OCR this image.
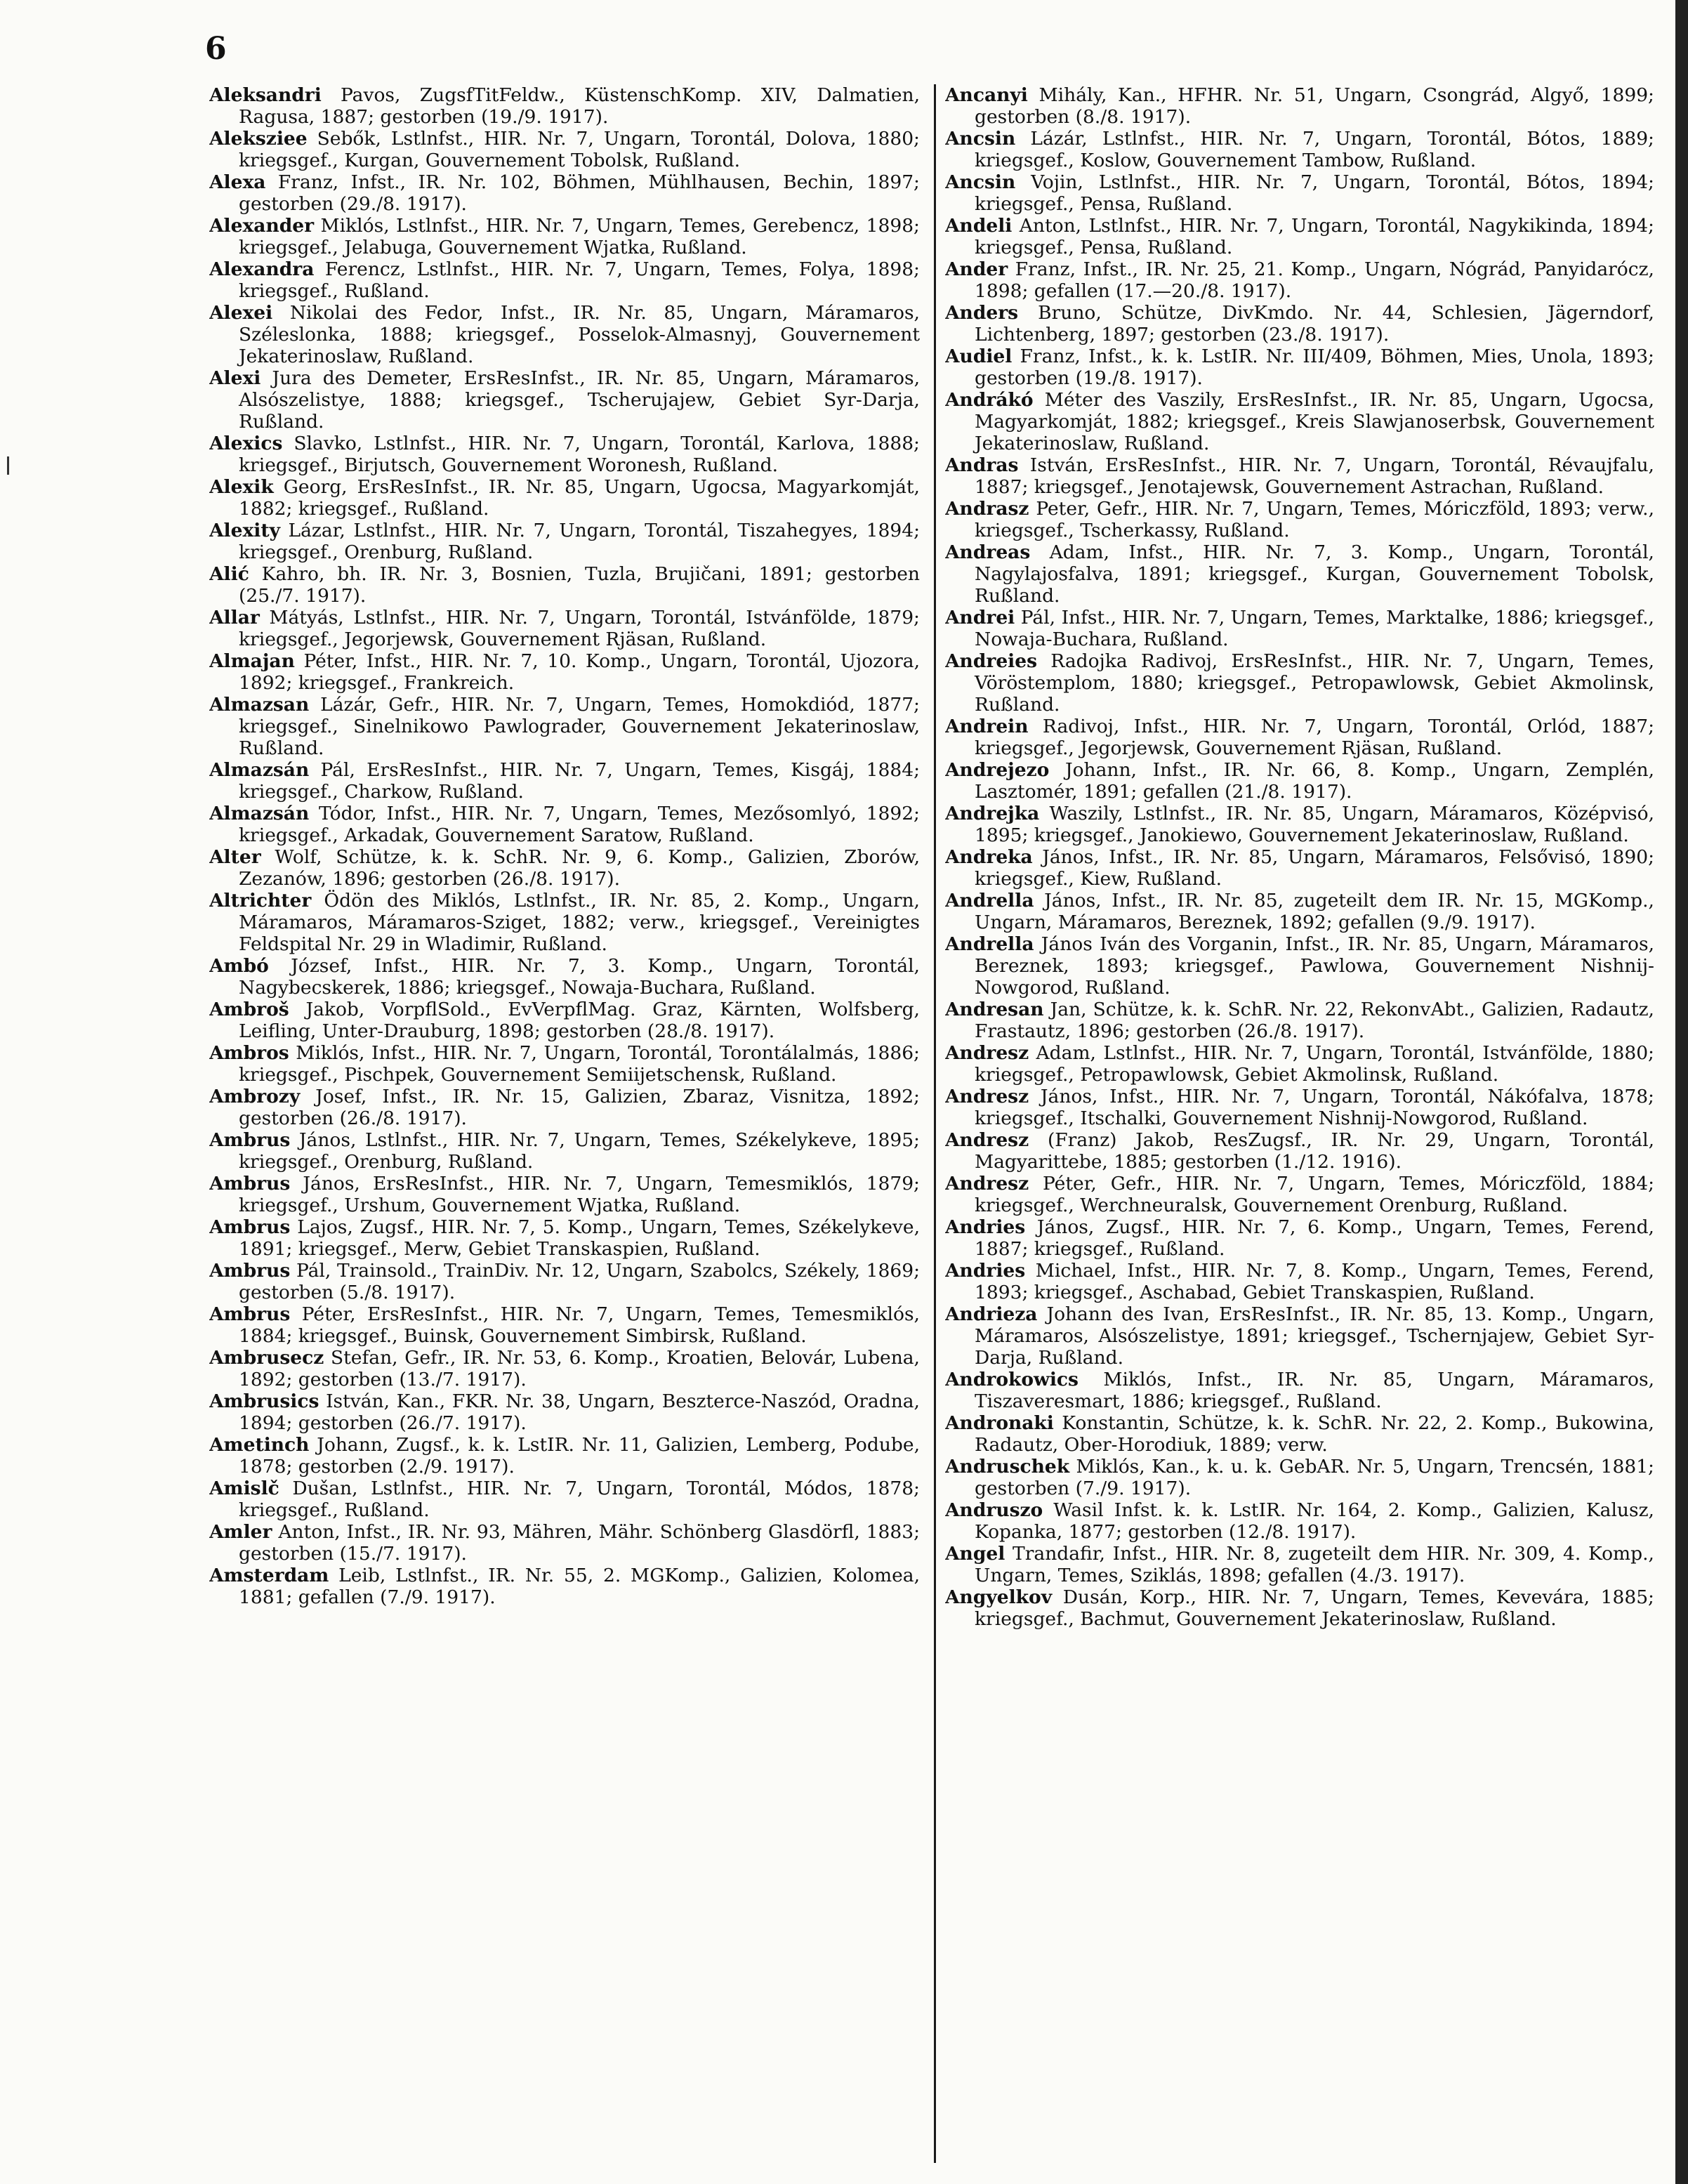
6

Aleksandri Pavos, ZugsfTitFeldw., KüstenschKomp. XIV, Dalmatien, Ragusa, 1887; gestorben (19./9. 1917).

Aleksziee Sebők, Lstlnfst., HIR. Nr. 7, Ungarn, Torontál, Dolova, 1880; kriegsgef., Kurgan, Gouvernement Tobolsk, Rußland.

Alexa Franz, Infst., IR. Nr. 102, Böhmen, Mühlhausen, Bechin, 1897; gestorben (29./8. 1917).

Alexander Miklós, Lstlnfst., HIR. Nr. 7, Ungarn, Temes, Gerebencz, 1898; kriegsgef., Jelabuga, Gouvernement Wjatka, Rußland.

Alexandra Ferencz, Lstlnfst., HIR. Nr. 7, Ungarn, Temes, Folya, 1898; kriegsgef., Rußland.

Alexei Nikolai des Fedor, Infst., IR. Nr. 85, Ungarn, Máramaros, Széleslonka, 1888; kriegsgef., Posselok-Almasnyj, Gouvernement Jekaterinoslaw, Rußland.

Alexi Jura des Demeter, ErsResInfst., IR. Nr. 85, Ungarn, Máramaros, Alsószelistye, 1888; kriegsgef., Tscherujajew, Gebiet Syr-Darja, Rußland.

Alexics Slavko, Lstlnfst., HIR. Nr. 7, Ungarn, Torontál, Karlova, 1888; kriegsgef., Birjutsch, Gouvernement Woronesh, Rußland.

Alexik Georg, ErsResInfst., IR. Nr. 85, Ungarn, Ugocsa, Magyarkomját, 1882; kriegsgef., Rußland.

Alexity Lázar, Lstlnfst., HIR. Nr. 7, Ungarn, Torontál, Tiszahegyes, 1894; kriegsgef., Orenburg, Rußland.

Alić Kahro, bh. IR. Nr. 3, Bosnien, Tuzla, Brujičani, 1891; gestorben (25./7. 1917).

Allar Mátyás, Lstlnfst., HIR. Nr. 7, Ungarn, Torontál, Istvánfölde, 1879; kriegsgef., Jegorjewsk, Gouvernement Rjäsan, Rußland.

Almajan Péter, Infst., HIR. Nr. 7, 10. Komp., Ungarn, Torontál, Ujozora, 1892; kriegsgef., Frankreich.

Almazsan Lázár, Gefr., HIR. Nr. 7, Ungarn, Temes, Homokdiód, 1877; kriegsgef., Sinelnikowo Pawlograder, Gouvernement Jekaterinoslaw, Rußland.

Almazsán Pál, ErsResInfst., HIR. Nr. 7, Ungarn, Temes, Kisgáj, 1884; kriegsgef., Charkow, Rußland.

Almazsán Tódor, Infst., HIR. Nr. 7, Ungarn, Temes, Mezősomlyó, 1892; kriegsgef., Arkadak, Gouvernement Saratow, Rußland.

Alter Wolf, Schütze, k. k. SchR. Nr. 9, 6. Komp., Galizien, Zborów, Zezanów, 1896; gestorben (26./8. 1917).

Altrichter Ödön des Miklós, Lstlnfst., IR. Nr. 85, 2. Komp., Ungarn, Máramaros, Máramaros-Sziget, 1882; verw., kriegsgef., Vereinigtes Feldspital Nr. 29 in Wladimir, Rußland.

Ambó József, Infst., HIR. Nr. 7, 3. Komp., Ungarn, Torontál, Nagybecskerek, 1886; kriegsgef., Nowaja-Buchara, Rußland.

Ambroš Jakob, VorpflSold., EvVerpflMag. Graz, Kärnten, Wolfsberg, Leifling, Unter-Drauburg, 1898; gestorben (28./8. 1917).

Ambros Miklós, Infst., HIR. Nr. 7, Ungarn, Torontál, Torontálalmás, 1886; kriegsgef., Pischpek, Gouvernement Semiijetschensk, Rußland.

Ambrozy Josef, Infst., IR. Nr. 15, Galizien, Zbaraz, Visnitza, 1892; gestorben (26./8. 1917).

Ambrus János, Lstlnfst., HIR. Nr. 7, Ungarn, Temes, Székelykeve, 1895; kriegsgef., Orenburg, Rußland.

Ambrus János, ErsResInfst., HIR. Nr. 7, Ungarn, Temesmiklós, 1879; kriegsgef., Urshum, Gouvernement Wjatka, Rußland.

Ambrus Lajos, Zugsf., HIR. Nr. 7, 5. Komp., Ungarn, Temes, Székelykeve, 1891; kriegsgef., Merw, Gebiet Transkaspien, Rußland.

Ambrus Pál, Trainsold., TrainDiv. Nr. 12, Ungarn, Szabolcs, Székely, 1869; gestorben (5./8. 1917).

Ambrus Péter, ErsResInfst., HIR. Nr. 7, Ungarn, Temes, Temesmiklós, 1884; kriegsgef., Buinsk, Gouvernement Simbirsk, Rußland.

Ambrusecz Stefan, Gefr., IR. Nr. 53, 6. Komp., Kroatien, Belovár, Lubena, 1892; gestorben (13./7. 1917).

Ambrusics István, Kan., FKR. Nr. 38, Ungarn, Beszterce-Naszód, Oradna, 1894; gestorben (26./7. 1917).

Ametinch Johann, Zugsf., k. k. LstIR. Nr. 11, Galizien, Lemberg, Podube, 1878; gestorben (2./9. 1917).

Amislč Dušan, Lstlnfst., HIR. Nr. 7, Ungarn, Torontál, Módos, 1878; kriegsgef., Rußland.

Amler Anton, Infst., IR. Nr. 93, Mähren, Mähr. Schönberg Glasdörfl, 1883; gestorben (15./7. 1917).

Amsterdam Leib, Lstlnfst., IR. Nr. 55, 2. MGKomp., Galizien, Kolomea, 1881; gefallen (7./9. 1917).

Ancanyi Mihály, Kan., HFHR. Nr. 51, Ungarn, Csongrád, Algyő, 1899; gestorben (8./8. 1917).

Ancsin Lázár, Lstlnfst., HIR. Nr. 7, Ungarn, Torontál, Bótos, 1889; kriegsgef., Koslow, Gouvernement Tambow, Rußland.

Ancsin Vojin, Lstlnfst., HIR. Nr. 7, Ungarn, Torontál, Bótos, 1894; kriegsgef., Pensa, Rußland.

Andeli Anton, Lstlnfst., HIR. Nr. 7, Ungarn, Torontál, Nagykikinda, 1894; kriegsgef., Pensa, Rußland.

Ander Franz, Infst., IR. Nr. 25, 21. Komp., Ungarn, Nógrád, Panyidarócz, 1898; gefallen (17.—20./8. 1917).

Anders Bruno, Schütze, DivKmdo. Nr. 44, Schlesien, Jägerndorf, Lichtenberg, 1897; gestorben (23./8. 1917).

Audiel Franz, Infst., k. k. LstIR. Nr. III/409, Böhmen, Mies, Unola, 1893; gestorben (19./8. 1917).

Andrákó Méter des Vaszily, ErsResInfst., IR. Nr. 85, Ungarn, Ugocsa, Magyarkomját, 1882; kriegsgef., Kreis Slawjanoserbsk, Gouvernement Jekaterinoslaw, Rußland.

Andras István, ErsResInfst., HIR. Nr. 7, Ungarn, Torontál, Révaujfalu, 1887; kriegsgef., Jenotajewsk, Gouvernement Astrachan, Rußland.

Andrasz Peter, Gefr., HIR. Nr. 7, Ungarn, Temes, Móriczföld, 1893; verw., kriegsgef., Tscherkassy, Rußland.

Andreas Adam, Infst., HIR. Nr. 7, 3. Komp., Ungarn, Torontál, Nagylajosfalva, 1891; kriegsgef., Kurgan, Gouvernement Tobolsk, Rußland.

Andrei Pál, Infst., HIR. Nr. 7, Ungarn, Temes, Marktalke, 1886; kriegsgef., Nowaja-Buchara, Rußland.

Andreies Radojka Radivoj, ErsResInfst., HIR. Nr. 7, Ungarn, Temes, Vöröstemplom, 1880; kriegsgef., Petropawlowsk, Gebiet Akmolinsk, Rußland.

Andrein Radivoj, Infst., HIR. Nr. 7, Ungarn, Torontál, Orlód, 1887; kriegsgef., Jegorjewsk, Gouvernement Rjäsan, Rußland.

Andrejezo Johann, Infst., IR. Nr. 66, 8. Komp., Ungarn, Zemplén, Lasztomér, 1891; gefallen (21./8. 1917).

Andrejka Waszily, Lstlnfst., IR. Nr. 85, Ungarn, Máramaros, Középvisó, 1895; kriegsgef., Janokiewo, Gouvernement Jekaterinoslaw, Rußland.

Andreka János, Infst., IR. Nr. 85, Ungarn, Máramaros, Felsővisó, 1890; kriegsgef., Kiew, Rußland.

Andrella János, Infst., IR. Nr. 85, zugeteilt dem IR. Nr. 15, MGKomp., Ungarn, Máramaros, Bereznek, 1892; gefallen (9./9. 1917).

Andrella János Iván des Vorganin, Infst., IR. Nr. 85, Ungarn, Máramaros, Bereznek, 1893; kriegsgef., Pawlowa, Gouvernement Nishnij-Nowgorod, Rußland.

Andresan Jan, Schütze, k. k. SchR. Nr. 22, RekonvAbt., Galizien, Radautz, Frastautz, 1896; gestorben (26./8. 1917).

Andresz Adam, Lstlnfst., HIR. Nr. 7, Ungarn, Torontál, Istvánfölde, 1880; kriegsgef., Petropawlowsk, Gebiet Akmolinsk, Rußland.

Andresz János, Infst., HIR. Nr. 7, Ungarn, Torontál, Nákófalva, 1878; kriegsgef., Itschalki, Gouvernement Nishnij-Nowgorod, Rußland.

Andresz (Franz) Jakob, ResZugsf., IR. Nr. 29, Ungarn, Torontál, Magyarittebe, 1885; gestorben (1./12. 1916).

Andresz Péter, Gefr., HIR. Nr. 7, Ungarn, Temes, Móriczföld, 1884; kriegsgef., Werchneuralsk, Gouvernement Orenburg, Rußland.

Andries János, Zugsf., HIR. Nr. 7, 6. Komp., Ungarn, Temes, Ferend, 1887; kriegsgef., Rußland.

Andries Michael, Infst., HIR. Nr. 7, 8. Komp., Ungarn, Temes, Ferend, 1893; kriegsgef., Aschabad, Gebiet Transkaspien, Rußland.

Andrieza Johann des Ivan, ErsResInfst., IR. Nr. 85, 13. Komp., Ungarn, Máramaros, Alsószelistye, 1891; kriegsgef., Tschernjajew, Gebiet Syr-Darja, Rußland.

Androkowics Miklós, Infst., IR. Nr. 85, Ungarn, Máramaros, Tiszaveresmart, 1886; kriegsgef., Rußland.

Andronaki Konstantin, Schütze, k. k. SchR. Nr. 22, 2. Komp., Bukowina, Radautz, Ober-Horodiuk, 1889; verw.

Andruschek Miklós, Kan., k. u. k. GebAR. Nr. 5, Ungarn, Trencsén, 1881; gestorben (7./9. 1917).

Andruszo Wasil Infst. k. k. LstIR. Nr. 164, 2. Komp., Galizien, Kalusz, Kopanka, 1877; gestorben (12./8. 1917).

Angel Trandafir, Infst., HIR. Nr. 8, zugeteilt dem HIR. Nr. 309, 4. Komp., Ungarn, Temes, Sziklás, 1898; gefallen (4./3. 1917).

Angyelkov Dusán, Korp., HIR. Nr. 7, Ungarn, Temes, Kevevára, 1885; kriegsgef., Bachmut, Gouvernement Jekaterinoslaw, Rußland.
